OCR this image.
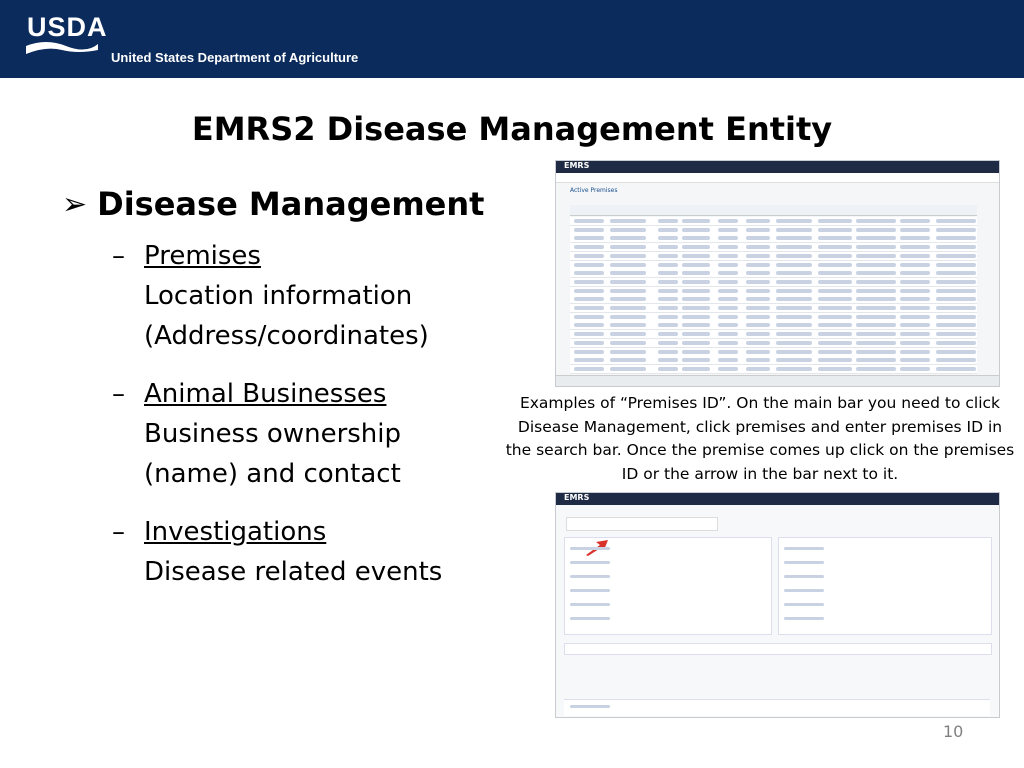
USDA
United States Department of Agriculture
EMRS2 Disease Management Entity
➢ Disease Management
– Premises
Location information
(Address/coordinates)
– Animal Businesses
Business ownership
(name) and contact
– Investigations
Disease related events
EMRS
Active Premises
EMRS
Examples of “Premises ID”. On the main bar you need to click Disease Management, click premises and enter premises ID in the search bar. Once the premise comes up click on the premises ID or the arrow in the bar next to it.
10
